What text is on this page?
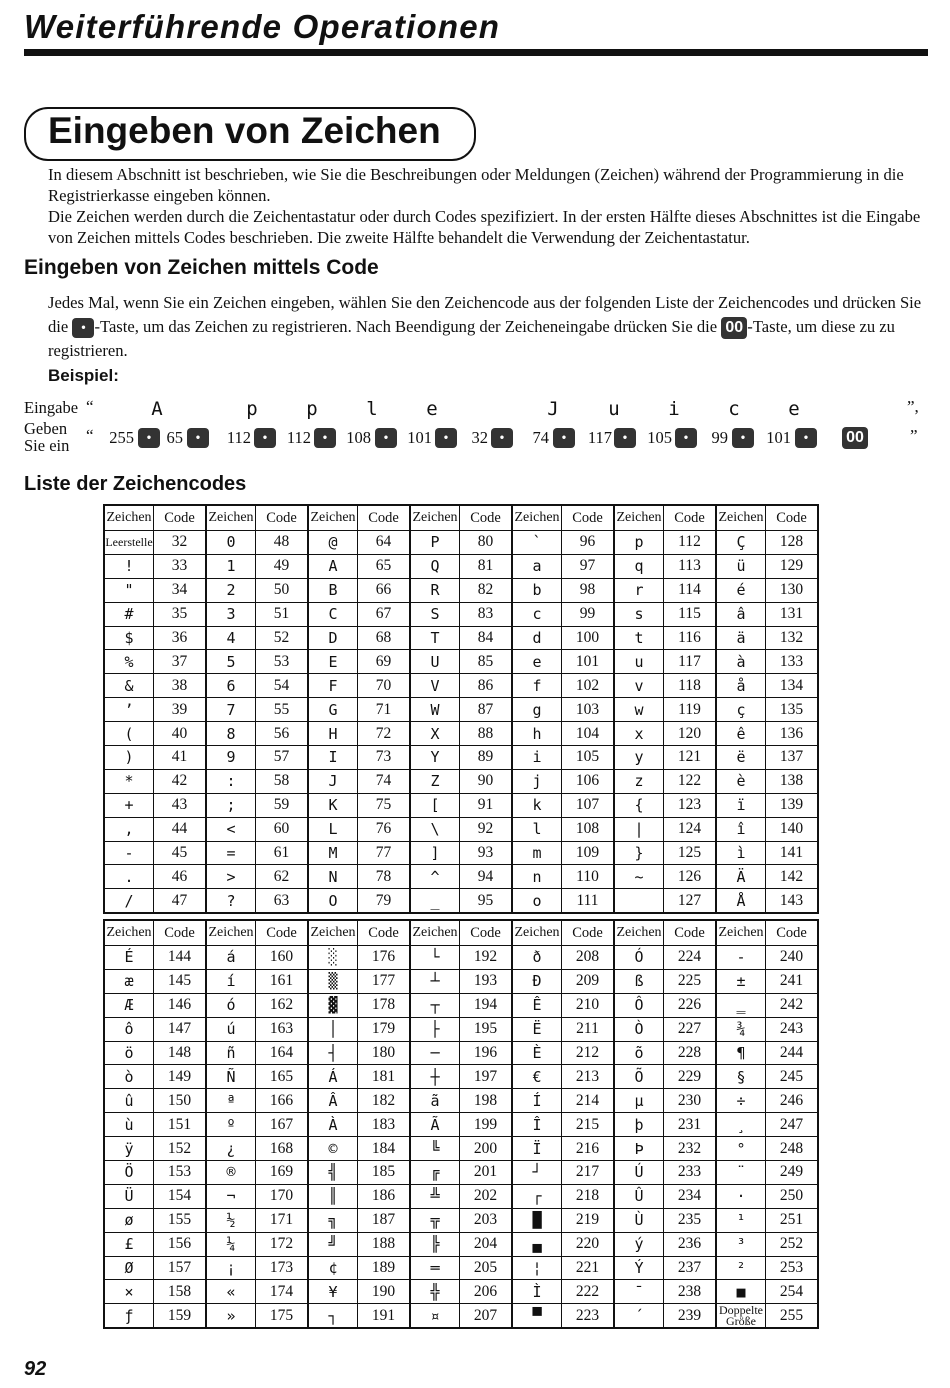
Weiterführende Operationen
Eingeben von Zeichen
In diesem Abschnitt ist beschrieben, wie Sie die Beschreibungen oder Meldungen (Zeichen) während der Programmierung in die Registrierkasse eingeben können.
Die Zeichen werden durch die Zeichentastatur oder durch Codes spezifiziert. In der ersten Hälfte dieses Abschnittes ist die Eingabe von Zeichen mittels Codes beschrieben. Die zweite Hälfte behandelt die Verwendung der Zeichentastatur.
Eingeben von Zeichen mittels Code
Jedes Mal, wenn Sie ein Zeichen eingeben, wählen Sie den Zeichencode aus der folgenden Liste der Zeichencodes und drücken Sie die • -Taste, um das Zeichen zu registrieren. Nach Beendigung der Zeicheneingabe drücken Sie die 00 -Taste, um diese zu zu registrieren.
Beispiel:
Eingabe
Geben Sie ein
“	A	p	p	l	e	J	u	i	c	e	”,
“ 255	• 65	•	112 •	112 •	108	•	101 •	32 •	74	•	117 •	105 •	99	•	101	•	00	”
Liste der Zeichencodes
Zeichen	Code	Zeichen	Code	Zeichen	Code	Zeichen	Code	Zeichen	Code	Zeichen	Code	Zeichen	Code
Leerstelle	32	0	48	@	64	P	80	`	96	p	112	Ç	128
!	33	1	49	A	65	Q	81	a	97	q	113	ü	129
"	34	2	50	B	66	R	82	b	98	r	114	é	130
#	35	3	51	C	67	S	83	c	99	s	115	â	131
$	36	4	52	D	68	T	84	d	100	t	116	ä	132
%	37	5	53	E	69	U	85	e	101	u	117	à	133
&	38	6	54	F	70	V	86	f	102	v	118	å	134
’	39	7	55	G	71	W	87	g	103	w	119	ç	135
(	40	8	56	H	72	X	88	h	104	x	120	ê	136
)	41	9	57	I	73	Y	89	i	105	y	121	ë	137
*	42	:	58	J	74	Z	90	j	106	z	122	è	138
+	43	;	59	K	75	[	91	k	107	{	123	ï	139
,	44	<	60	L	76	\	92	l	108	|	124	î	140
-	45	=	61	M	77	]	93	m	109	}	125	ì	141
.	46	>	62	N	78	^	94	n	110	~	126	Ä	142
/	47	?	63	O	79	_	95	o	111		127	Å	143
Zeichen	Code	Zeichen	Code	Zeichen	Code	Zeichen	Code	Zeichen	Code	Zeichen	Code	Zeichen	Code
É	144	á	160	░	176	└	192	ð	208	Ó	224	-	240
æ	145	í	161	▒	177	┴	193	Ð	209	ß	225	±	241
Æ	146	ó	162	▓	178	┬	194	Ê	210	Ô	226	‗	242
ô	147	ú	163	│	179	├	195	Ë	211	Ò	227	¾	243
ö	148	ñ	164	┤	180	─	196	È	212	õ	228	¶	244
ò	149	Ñ	165	Á	181	┼	197	€	213	Õ	229	§	245
û	150	ª	166	Â	182	ã	198	Í	214	µ	230	÷	246
ù	151	º	167	À	183	Ã	199	Î	215	þ	231	¸	247
ÿ	152	¿	168	©	184	╚	200	Ï	216	Þ	232	°	248
Ö	153	®	169	╣	185	╔	201	┘	217	Ú	233	¨	249
Ü	154	¬	170	║	186	╩	202	┌	218	Û	234	·	250
ø	155	½	171	╗	187	╦	203	█	219	Ù	235	¹	251
£	156	¼	172	╝	188	╠	204	▄	220	ý	236	³	252
Ø	157	¡	173	¢	189	═	205	¦	221	Ý	237	²	253
×	158	«	174	¥	190	╬	206	Ì	222	¯	238	■	254
ƒ	159	»	175	┐	191	¤	207	▀	223	´	239	Doppelte Größe	255
92
